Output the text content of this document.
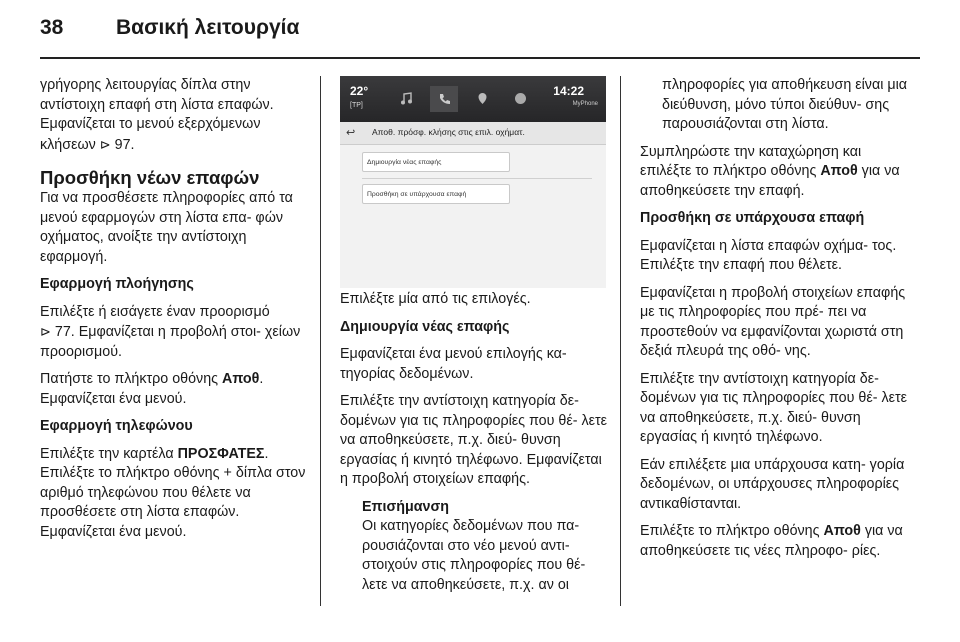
38	Βασική λειτουργία

γρήγορης λειτουργίας δίπλα στην αντίστοιχη επαφή στη λίστα επαφών. Εμφανίζεται το μενού εξερχόμενων κλήσεων ⊳ 97.

Προσθήκη νέων επαφών

Για να προσθέσετε πληροφορίες από τα μενού εφαρμογών στη λίστα επα- φών οχήματος, ανοίξτε την αντίστοιχη εφαρμογή.

Εφαρμογή πλοήγησης

Επιλέξτε ή εισάγετε έναν προορισμό
⊳ 77. Εμφανίζεται η προβολή στοι- χείων προορισμού.

Πατήστε το πλήκτρο οθόνης Αποθ. Εμφανίζεται ένα μενού.

Εφαρμογή τηλεφώνου

Επιλέξτε την καρτέλα ΠΡΟΣΦΑΤΕΣ. Επιλέξτε το πλήκτρο οθόνης + δίπλα στον αριθμό τηλεφώνου που θέλετε να προσθέσετε στη λίστα επαφών. Εμφανίζεται ένα μενού.

22°
[TP]
14:22
MyPhone
↩ Αποθ. πρόσφ. κλήσης στις επιλ. οχήματ.
Δημιουργία νέας επαφής
Προσθήκη σε υπάρχουσα επαφή

Επιλέξτε μία από τις επιλογές.

Δημιουργία νέας επαφής

Εμφανίζεται ένα μενού επιλογής κα- τηγορίας δεδομένων.

Επιλέξτε την αντίστοιχη κατηγορία δε- δομένων για τις πληροφορίες που θέ- λετε να αποθηκεύσετε, π.χ. διεύ- θυνση εργασίας ή κινητό τηλέφωνο. Εμφανίζεται η προβολή στοιχείων επαφής.

Επισήμανση
Οι κατηγορίες δεδομένων που πα- ρουσιάζονται στο νέο μενού αντι- στοιχούν στις πληροφορίες που θέ- λετε να αποθηκεύσετε, π.χ. αν οι

πληροφορίες για αποθήκευση είναι μια διεύθυνση, μόνο τύποι διεύθυν- σης παρουσιάζονται στη λίστα.

Συμπληρώστε την καταχώρηση και επιλέξτε το πλήκτρο οθόνης Αποθ για να αποθηκεύσετε την επαφή.

Προσθήκη σε υπάρχουσα επαφή

Εμφανίζεται η λίστα επαφών οχήμα- τος. Επιλέξτε την επαφή που θέλετε.

Εμφανίζεται η προβολή στοιχείων επαφής με τις πληροφορίες που πρέ- πει να προστεθούν να εμφανίζονται χωριστά στη δεξιά πλευρά της οθό- νης.

Επιλέξτε την αντίστοιχη κατηγορία δε- δομένων για τις πληροφορίες που θέ- λετε να αποθηκεύσετε, π.χ. διεύ- θυνση εργασίας ή κινητό τηλέφωνο.

Εάν επιλέξετε μια υπάρχουσα κατη- γορία δεδομένων, οι υπάρχουσες πληροφορίες αντικαθίστανται.

Επιλέξτε το πλήκτρο οθόνης Αποθ για να αποθηκεύσετε τις νέες πληροφο- ρίες.
